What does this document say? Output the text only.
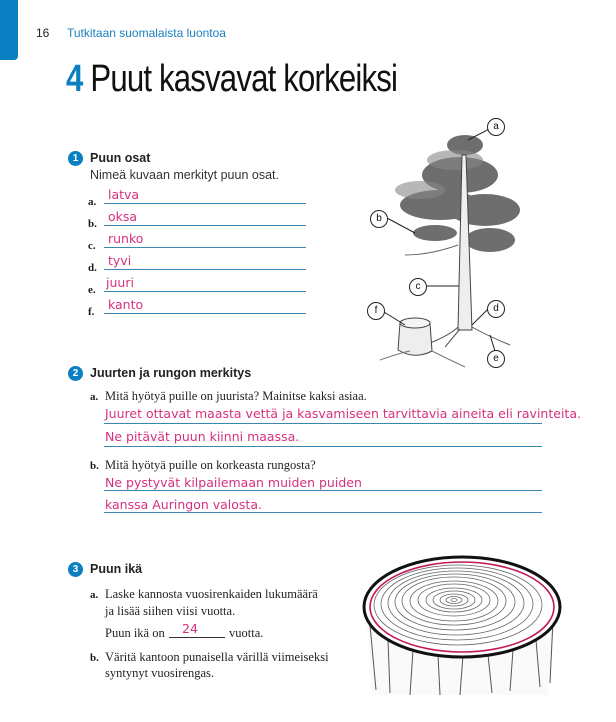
16 Tutkitaan suomalaista luontoa
4 Puut kasvavat korkeiksi
1 Puun osat
Nimeä kuvaan merkityt puun osat.
a. latva
b. oksa
c. runko
d. tyvi
e. juuri
f. kanto
a
b
c
f	d
e
2 Juurten ja rungon merkitys
a. Mitä hyötyä puille on juurista? Mainitse kaksi asiaa.
Juuret ottavat maasta vettä ja kasvamiseen tarvittavia aineita eli ravinteita.
Ne pitävät puun kiinni maassa.
b. Mitä hyötyä puille on korkeasta rungosta?
Ne pystyvät kilpailemaan muiden puiden
kanssa Auringon valosta.
3 Puun ikä
a. Laske kannosta vuosirenkaiden lukumäärä
ja lisää siihen viisi vuotta.
Puun ikä on 24 vuotta.
b. Väritä kantoon punaisella värillä viimeiseksi
syntynyt vuosirengas.
